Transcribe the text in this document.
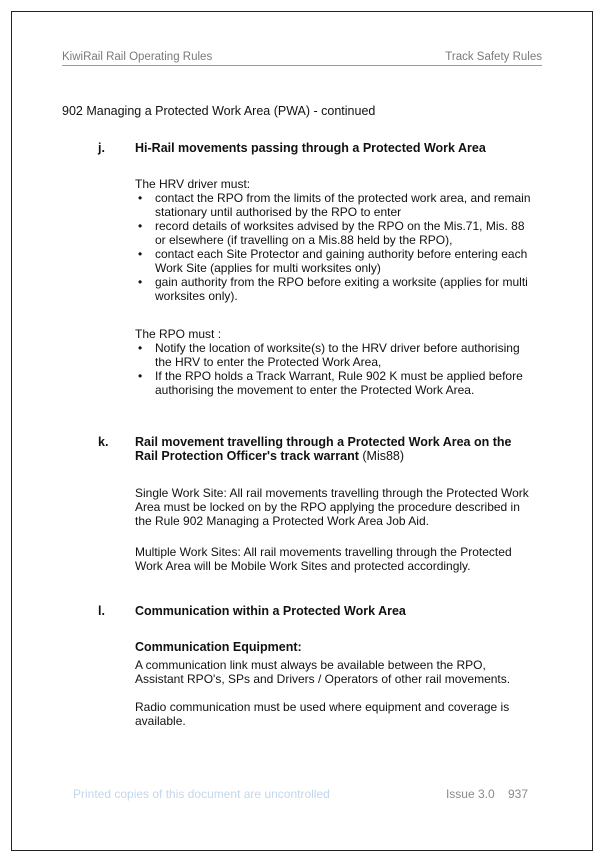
KiwiRail Rail Operating Rules	Track Safety Rules
902 Managing a Protected Work Area (PWA) - continued
j. Hi-Rail movements passing through a Protected Work Area

The HRV driver must:

• contact the RPO from the limits of the protected work area, and remain stationary until authorised by the RPO to enter
• record details of worksites advised by the RPO on the Mis.71, Mis. 88 or elsewhere (if travelling on a Mis.88 held by the RPO),
• contact each Site Protector and gaining authority before entering each Work Site (applies for multi worksites only)
• gain authority from the RPO before exiting a worksite (applies for multi worksites only).

The RPO must :

• Notify the location of worksite(s) to the HRV driver before authorising the HRV to enter the Protected Work Area,
• If the RPO holds a Track Warrant, Rule 902 K must be applied before authorising the movement to enter the Protected Work Area.
k. Rail movement travelling through a Protected Work Area on the Rail Protection Officer's track warrant (Mis88)

Single Work Site: All rail movements travelling through the Protected Work Area must be locked on by the RPO applying the procedure described in the Rule 902 Managing a Protected Work Area Job Aid.

Multiple Work Sites: All rail movements travelling through the Protected Work Area will be Mobile Work Sites and protected accordingly.

l. Communication within a Protected Work Area

Communication Equipment:

A communication link must always be available between the RPO, Assistant RPO's, SPs and Drivers / Operators of other rail movements.

Radio communication must be used where equipment and coverage is available.

Printed copies of this document are uncontrolled	Issue 3.0    937
